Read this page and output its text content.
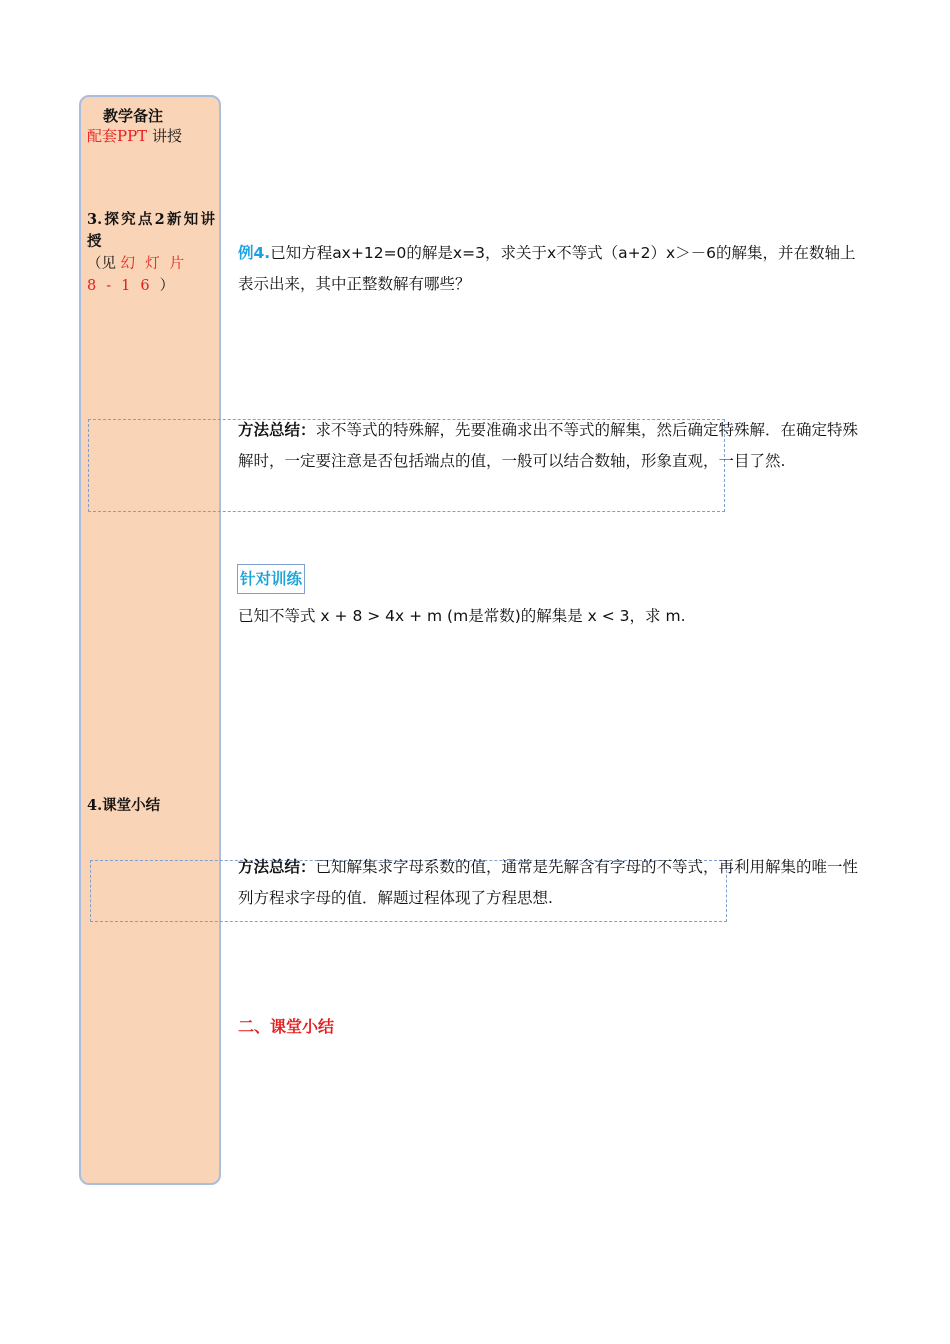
教学备注
配套PPT 讲授
3.探究点2新知讲
授
（见 幻灯片8-16）
4.课堂小结
例4.已知方程ax+12=0的解是x=3，求关于x不等式（a+2）x＞－6的解集，并在数轴上表示出来，其中正整数解有哪些？
方法总结：求不等式的特殊解，先要准确求出不等式的解集，然后确定特殊解．在确定特殊解时，一定要注意是否包括端点的值，一般可以结合数轴，形象直观，一目了然.
针对训练
已知不等式 x + 8 > 4x + m (m是常数)的解集是 x < 3，求 m.
方法总结：已知解集求字母系数的值，通常是先解含有字母的不等式，再利用解集的唯一性列方程求字母的值．解题过程体现了方程思想.
二、课堂小结
